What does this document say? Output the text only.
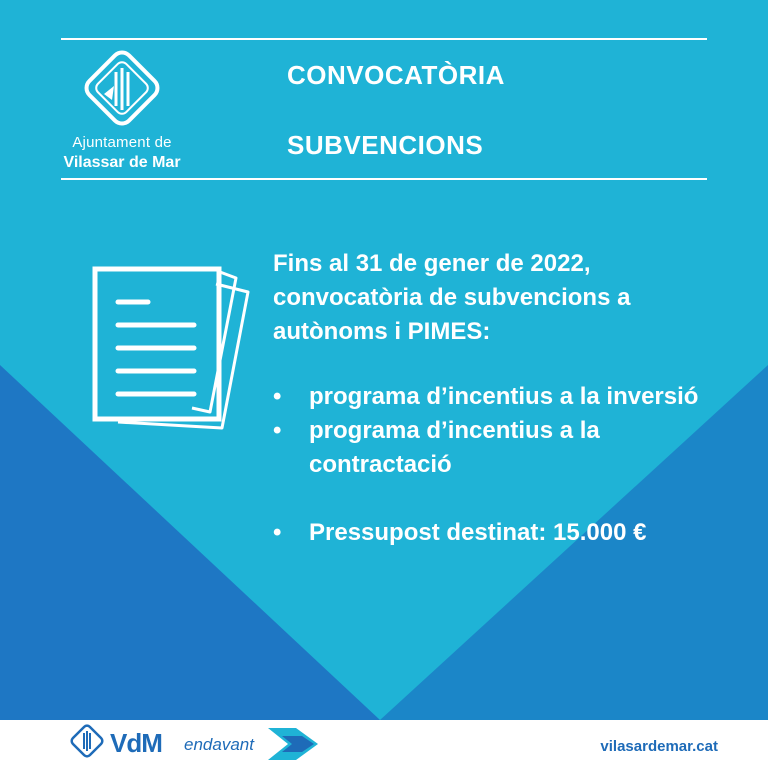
Ajuntament de
Vilassar de Mar
CONVOCATÒRIA
SUBVENCIONS
Fins al 31 de gener de 2022, convocatòria de subvencions a autònoms i PIMES:
• programa d’incentius a la inversió
• programa d’incentius a la contractació
• Pressupost destinat: 15.000 €
VdM endavant	vilasardemar.cat
